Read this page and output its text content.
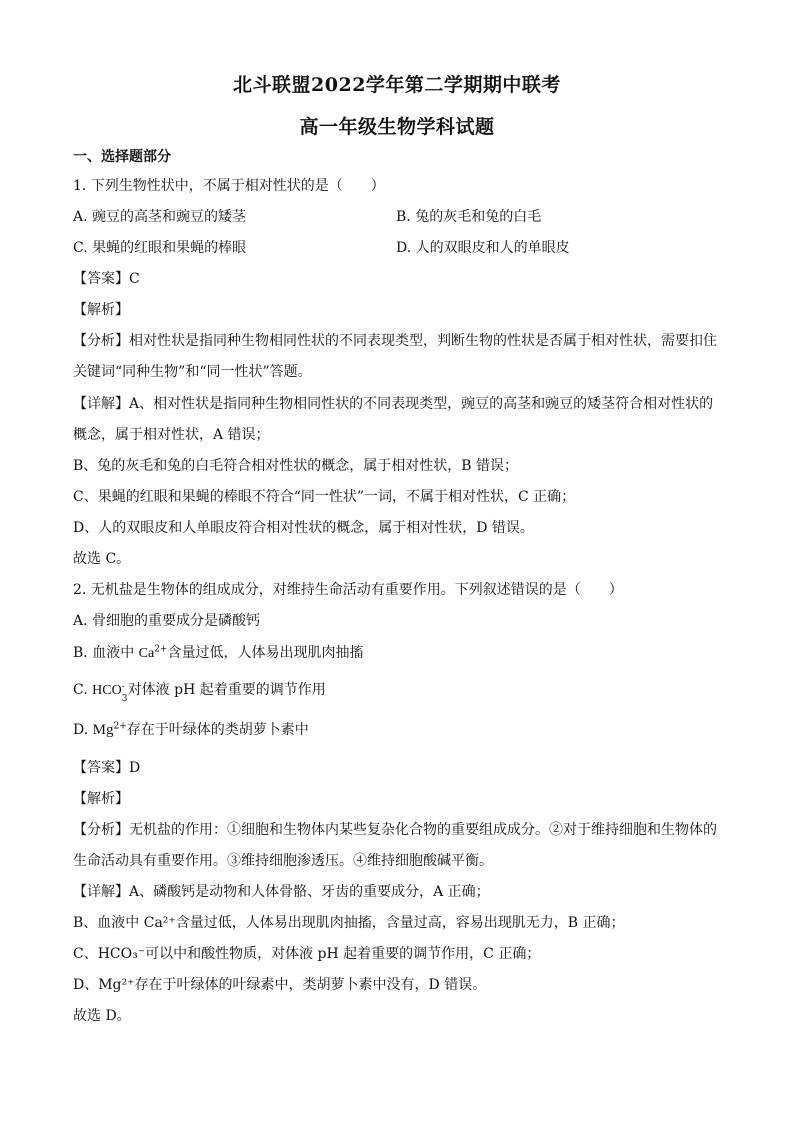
北斗联盟2022学年第二学期期中联考
高一年级生物学科试题
一、选择题部分
1. 下列生物性状中，不属于相对性状的是（　　）
A. 豌豆的高茎和豌豆的矮茎	B. 兔的灰毛和兔的白毛
C. 果蝇的红眼和果蝇的棒眼	D. 人的双眼皮和人的单眼皮
【答案】C
【解析】
【分析】相对性状是指同种生物相同性状的不同表现类型，判断生物的性状是否属于相对性状，需要扣住
关键词“同种生物”和“同一性状”答题。
【详解】A、相对性状是指同种生物相同性状的不同表现类型，豌豆的高茎和豌豆的矮茎符合相对性状的
概念，属于相对性状，A 错误；
B、兔的灰毛和兔的白毛符合相对性状的概念，属于相对性状，B 错误；
C、果蝇的红眼和果蝇的棒眼不符合“同一性状”一词，不属于相对性状，C 正确；
D、人的双眼皮和人单眼皮符合相对性状的概念，属于相对性状，D 错误。
故选 C。
2. 无机盐是生物体的组成成分，对维持生命活动有重要作用。下列叙述错误的是（　　）
A. 骨细胞的重要成分是磷酸钙
B. 血液中 $Ca^{2+}$含量过低，人体易出现肌肉抽搐
C. HCO -
3
对体液 pH 起着重要的调节作用
D. $Mg^{2+}$存在于叶绿体的类胡萝卜素中
【答案】D
【解析】
【分析】无机盐的作用：①细胞和生物体内某些复杂化合物的重要组成成分。②对于维持细胞和生物体的
生命活动具有重要作用。③维持细胞渗透压。④维持细胞酸碱平衡。
【详解】A、磷酸钙是动物和人体骨骼、牙齿的重要成分，A 正确；
B、血液中 Ca²⁺含量过低，人体易出现肌肉抽搐，含量过高，容易出现肌无力，B 正确；
C、HCO₃⁻可以中和酸性物质，对体液 pH 起着重要的调节作用，C 正确；
D、Mg²⁺存在于叶绿体的叶绿素中，类胡萝卜素中没有，D 错误。
故选 D。
